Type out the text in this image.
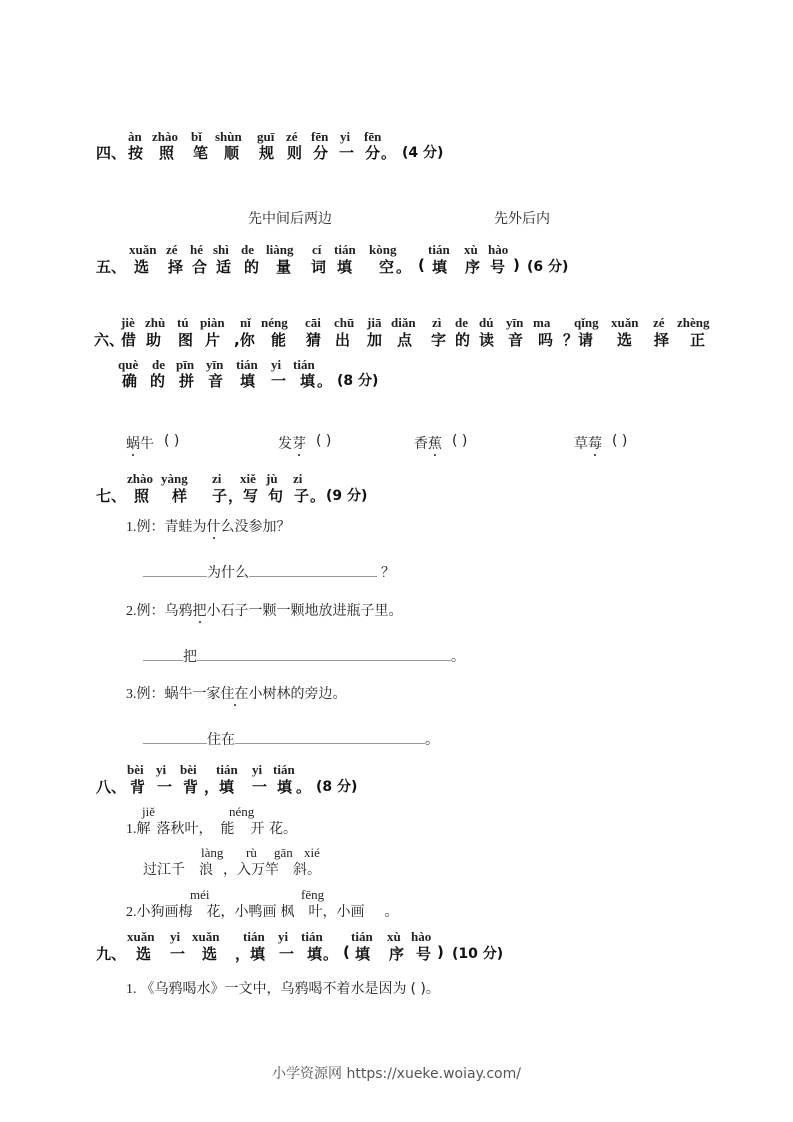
àn zhào bǐ shùn guī zé fēn yi fēn
四、 按 照 笔 顺 规 则 分 一 分 。 (4 分)
先中间后两边	先外后内
xuǎn zé hé shì de liàng cí tián kòng tián xù hào
五、 选 择 合 适 的 量 词 填 空 。 ( 填 序 号 ) (6 分)
jiè zhù tú piàn nǐ néng cāi chū jiā diǎn zì de dú yīn ma qǐng xuǎn zé zhèng
六、
借 助 图 片 ,你 能 猜 出 加 点 字 的 读 音 吗 ？请 选 择 正
què de pīn yīn tián yi tián
确 的 拼 音 填 一 填 。 (8 分)
蜗牛 ( )	发芽 ( )	香蕉 ( )	草莓 ( )
zhào yàng zi xiě jù zi
七、 照 样 子 ，写 句 子 。 (9 分)
1.例：青蛙为什么没参加？
为什么	？
2.例：乌鸦把小石子一颗一颗地放进瓶子里。
把	。
3.例：蜗牛一家住在小树林的旁边。
住在	。
bèi yi bèi tián yi tián
八、 背 一 背 ，填 一 填 。 (8 分)
jiě	néng
1.解 落秋叶， 能 开 花。
làng rù gān xié
过江千 浪 ，入万竿 斜。
méi	fēng
2.小狗画梅 花，小鸭画 枫 叶，小画 。
xuǎn yi xuǎn tián yi tián tián xù hào
九、 选 一 选 ，填 一 填 。 ( 填 序 号 ) (10 分)
1. 《乌鸦喝水》一文中，乌鸦喝不着水是因为 ( )。
小学资源网 https://xueke.woiay.com/
